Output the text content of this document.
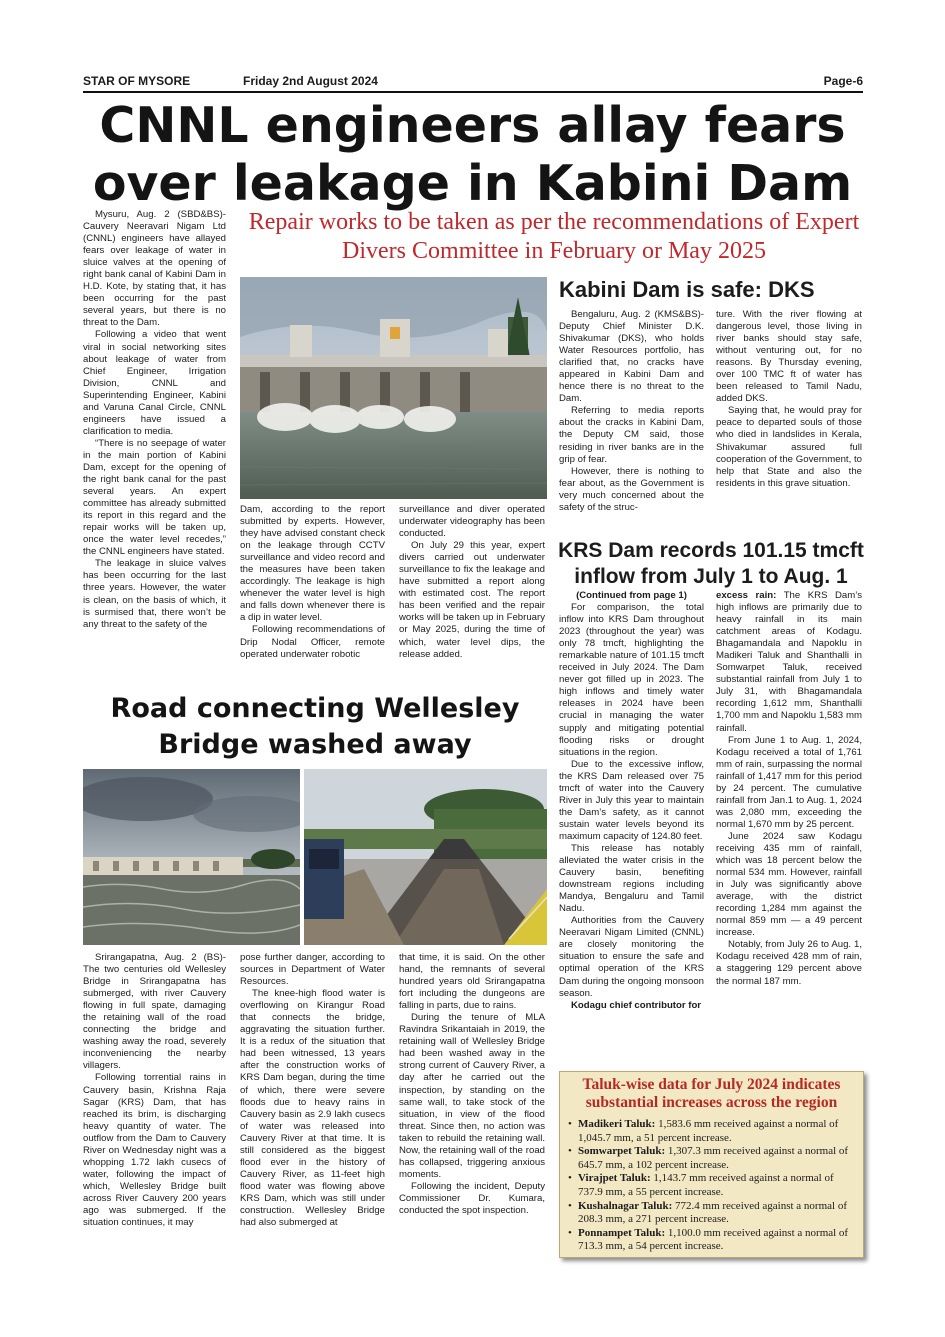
STAR OF MYSORE	Friday 2nd August 2024	Page-6
CNNL engineers allay fears
over leakage in Kabini Dam
Repair works to be taken as per the recommendations of Expert Divers Committee in February or May 2025

Mysuru, Aug. 2 (SBD&BS)- Cauvery Neeravari Nigam Ltd (CNNL) engineers have allayed fears over leakage of water in sluice valves at the opening of right bank canal of Kabini Dam in H.D. Kote, by stating that, it has been occurring for the past several years, but there is no threat to the Dam.

Following a video that went viral in social networking sites about leakage of water from Chief Engineer, Irrigation Division, CNNL and Superintending Engineer, Kabini and Varuna Canal Circle, CNNL engineers have issued a clarification to media.

“There is no seepage of water in the main portion of Kabini Dam, except for the opening of the right bank canal for the past several years. An expert committee has already submitted its report in this regard and the repair works will be taken up, once the water level recedes,” the CNNL engineers have stated.

The leakage in sluice valves has been occurring for the last three years. However, the water is clean, on the basis of which, it is surmised that, there won’t be any threat to the safety of the

Dam, according to the report submitted by experts. However, they have advised constant check on the leakage through CCTV surveillance and video record and the measures have been taken accordingly. The leakage is high whenever the water level is high and falls down whenever there is a dip in water level.

Following recommendations of Drip Nodal Officer, remote operated underwater robotic

surveillance and diver operated underwater videography has been conducted.

On July 29 this year, expert divers carried out underwater surveillance to fix the leakage and have submitted a report along with estimated cost. The report has been verified and the repair works will be taken up in February or May 2025, during the time of which, water level dips, the release added.

Kabini Dam is safe: DKS

Bengaluru, Aug. 2 (KMS&BS)- Deputy Chief Minister D.K. Shivakumar (DKS), who holds Water Resources portfolio, has clarified that, no cracks have appeared in Kabini Dam and hence there is no threat to the Dam.

Referring to media reports about the cracks in Kabini Dam, the Deputy CM said, those residing in river banks are in the grip of fear.

However, there is nothing to fear about, as the Government is very much concerned about the safety of the struc-

ture. With the river flowing at dangerous level, those living in river banks should stay safe, without venturing out, for no reasons. By Thursday evening, over 100 TMC ft of water has been released to Tamil Nadu, added DKS.

Saying that, he would pray for peace to departed souls of those who died in landslides in Kerala, Shivakumar assured full cooperation of the Government, to help that State and also the residents in this grave situation.

KRS Dam records 101.15 tmcft inflow from July 1 to Aug. 1

(Continued from page 1)

For comparison, the total inflow into KRS Dam throughout 2023 (throughout the year) was only 78 tmcft, highlighting the remarkable nature of 101.15 tmcft received in July 2024. The Dam never got filled up in 2023. The high inflows and timely water releases in 2024 have been crucial in managing the water supply and mitigating potential flooding risks or drought situations in the region.

Due to the excessive inflow, the KRS Dam released over 75 tmcft of water into the Cauvery River in July this year to maintain the Dam’s safety, as it cannot sustain water levels beyond its maximum capacity of 124.80 feet.

This release has notably alleviated the water crisis in the Cauvery basin, benefiting downstream regions including Mandya, Bengaluru and Tamil Nadu.

Authorities from the Cauvery Neeravari Nigam Limited (CNNL) are closely monitoring the situation to ensure the safe and optimal operation of the KRS Dam during the ongoing monsoon season.

Kodagu chief contributor for

excess rain: The KRS Dam’s high inflows are primarily due to heavy rainfall in its main catchment areas of Kodagu. Bhagamandala and Napoklu in Madikeri Taluk and Shanthalli in Somwarpet Taluk, received substantial rainfall from July 1 to July 31, with Bhagamandala recording 1,612 mm, Shanthalli 1,700 mm and Napoklu 1,583 mm rainfall.

From June 1 to Aug. 1, 2024, Kodagu received a total of 1,761 mm of rain, surpassing the normal rainfall of 1,417 mm for this period by 24 percent. The cumulative rainfall from Jan.1 to Aug. 1, 2024 was 2,080 mm, exceeding the normal 1,670 mm by 25 percent.

June 2024 saw Kodagu receiving 435 mm of rainfall, which was 18 percent below the normal 534 mm. However, rainfall in July was significantly above average, with the district recording 1,284 mm against the normal 859 mm — a 49 percent increase.

Notably, from July 26 to Aug. 1, Kodagu received 428 mm of rain, a staggering 129 percent above the normal 187 mm.

Road connecting Wellesley
Bridge washed away

Srirangapatna, Aug. 2 (BS)- The two centuries old Wellesley Bridge in Srirangapatna has submerged, with river Cauvery flowing in full spate, damaging the retaining wall of the road connecting the bridge and washing away the road, severely inconveniencing the nearby villagers.

Following torrential rains in Cauvery basin, Krishna Raja Sagar (KRS) Dam, that has reached its brim, is discharging heavy quantity of water. The outflow from the Dam to Cauvery River on Wednesday night was a whopping 1.72 lakh cusecs of water, following the impact of which, Wellesley Bridge built across River Cauvery 200 years ago was submerged. If the situation continues, it may

pose further danger, according to sources in Department of Water Resources.

The knee-high flood water is overflowing on Kirangur Road that connects the bridge, aggravating the situation further. It is a redux of the situation that had been witnessed, 13 years after the construction works of KRS Dam began, during the time of which, there were severe floods due to heavy rains in Cauvery basin as 2.9 lakh cusecs of water was released into Cauvery River at that time. It is still considered as the biggest flood ever in the history of Cauvery River, as 11-feet high flood water was flowing above KRS Dam, which was still under construction. Wellesley Bridge had also submerged at

that time, it is said. On the other hand, the remnants of several hundred years old Srirangapatna fort including the dungeons are falling in parts, due to rains.

During the tenure of MLA Ravindra Srikantaiah in 2019, the retaining wall of Wellesley Bridge had been washed away in the strong current of Cauvery River, a day after he carried out the inspection, by standing on the same wall, to take stock of the situation, in view of the flood threat. Since then, no action was taken to rebuild the retaining wall. Now, the retaining wall of the road has collapsed, triggering anxious moments.

Following the incident, Deputy Commissioner Dr. Kumara, conducted the spot inspection.

Taluk-wise data for July 2024 indicates
substantial increases across the region
• Madikeri Taluk: 1,583.6 mm received against a normal of 1,045.7 mm, a 51 percent increase.
• Somwarpet Taluk: 1,307.3 mm received against a normal of 645.7 mm, a 102 percent increase.
• Virajpet Taluk: 1,143.7 mm received against a normal of 737.9 mm, a 55 percent increase.
• Kushalnagar Taluk: 772.4 mm received against a normal of 208.3 mm, a 271 percent increase.
• Ponnampet Taluk: 1,100.0 mm received against a normal of 713.3 mm, a 54 percent increase.
